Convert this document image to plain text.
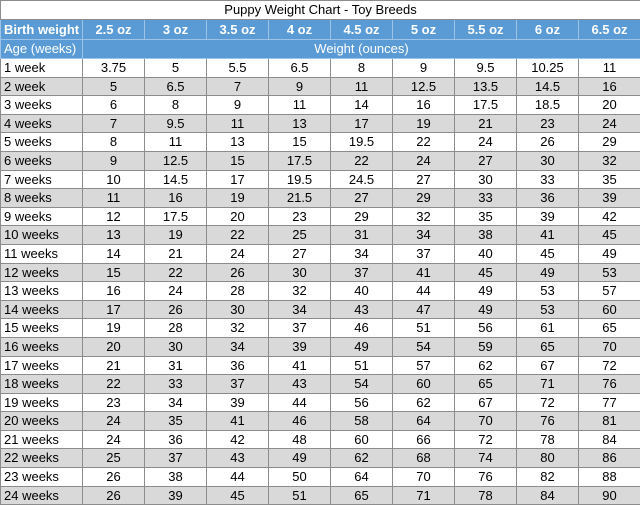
Puppy Weight Chart - Toy Breeds									
Birth weight	2.5 oz	3 oz	3.5 oz	4 oz	4.5 oz	5 oz	5.5 oz	6 oz	6.5 oz
Age (weeks)	Weight (ounces)								
1 week	3.75	5	5.5	6.5	8	9	9.5	10.25	11
2 week	5	6.5	7	9	11	12.5	13.5	14.5	16
3 weeks	6	8	9	11	14	16	17.5	18.5	20
4 weeks	7	9.5	11	13	17	19	21	23	24
5 weeks	8	11	13	15	19.5	22	24	26	29
6 weeks	9	12.5	15	17.5	22	24	27	30	32
7 weeks	10	14.5	17	19.5	24.5	27	30	33	35
8 weeks	11	16	19	21.5	27	29	33	36	39
9 weeks	12	17.5	20	23	29	32	35	39	42
10 weeks	13	19	22	25	31	34	38	41	45
11 weeks	14	21	24	27	34	37	40	45	49
12 weeks	15	22	26	30	37	41	45	49	53
13 weeks	16	24	28	32	40	44	49	53	57
14 weeks	17	26	30	34	43	47	49	53	60
15 weeks	19	28	32	37	46	51	56	61	65
16 weeks	20	30	34	39	49	54	59	65	70
17 weeks	21	31	36	41	51	57	62	67	72
18 weeks	22	33	37	43	54	60	65	71	76
19 weeks	23	34	39	44	56	62	67	72	77
20 weeks	24	35	41	46	58	64	70	76	81
21 weeks	24	36	42	48	60	66	72	78	84
22 weeks	25	37	43	49	62	68	74	80	86
23 weeks	26	38	44	50	64	70	76	82	88
24 weeks	26	39	45	51	65	71	78	84	90
